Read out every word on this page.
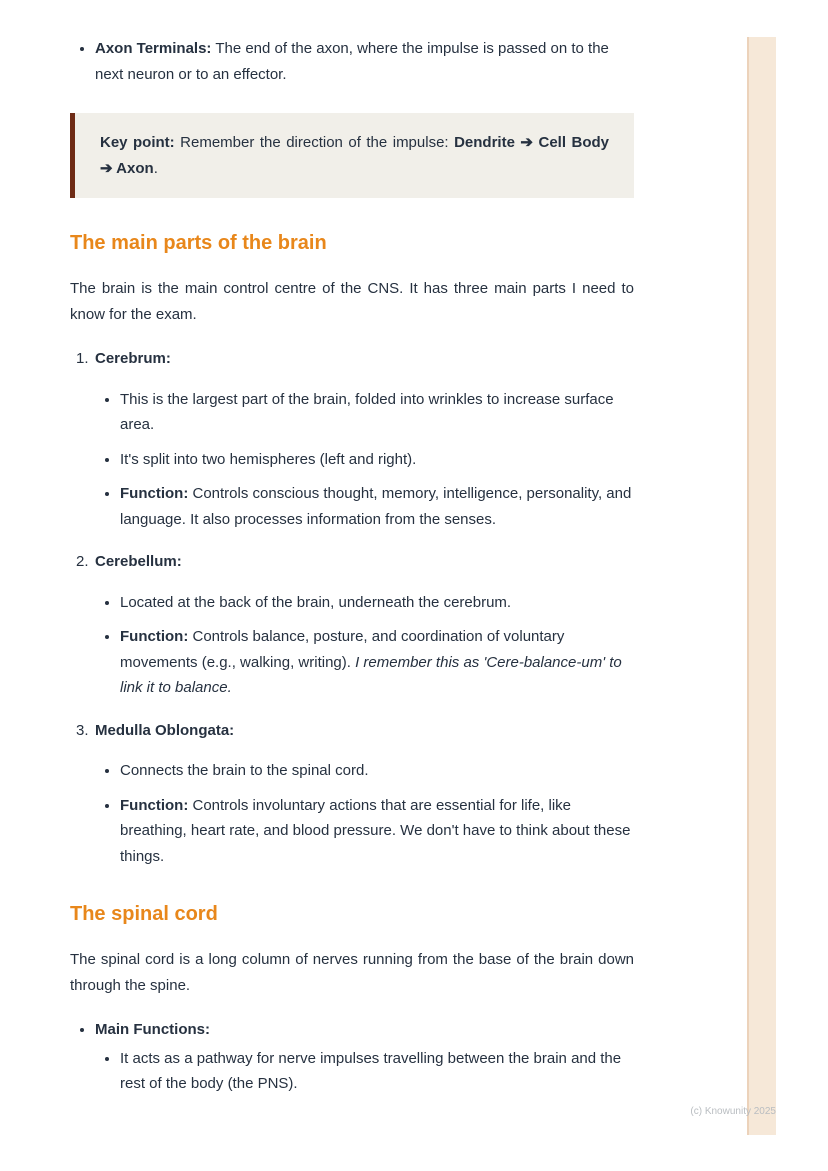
• Axon Terminals: The end of the axon, where the impulse is passed on to the next neuron or to an effector.

Key point: Remember the direction of the impulse: Dendrite ➔ Cell Body ➔ Axon.

The main parts of the brain

The brain is the main control centre of the CNS. It has three main parts I need to know for the exam.

1. Cerebrum:
• This is the largest part of the brain, folded into wrinkles to increase surface area.
• It's split into two hemispheres (left and right).
• Function: Controls conscious thought, memory, intelligence, personality, and language. It also processes information from the senses.
2. Cerebellum:
• Located at the back of the brain, underneath the cerebrum.
• Function: Controls balance, posture, and coordination of voluntary movements (e.g., walking, writing). I remember this as 'Cere-balance-um' to link it to balance.
3. Medulla Oblongata:
• Connects the brain to the spinal cord.
• Function: Controls involuntary actions that are essential for life, like breathing, heart rate, and blood pressure. We don't have to think about these things.
The spinal cord

The spinal cord is a long column of nerves running from the base of the brain down through the spine.

• Main Functions:
• It acts as a pathway for nerve impulses travelling between the brain and the rest of the body (the PNS).
(c) Knowunity 2025
